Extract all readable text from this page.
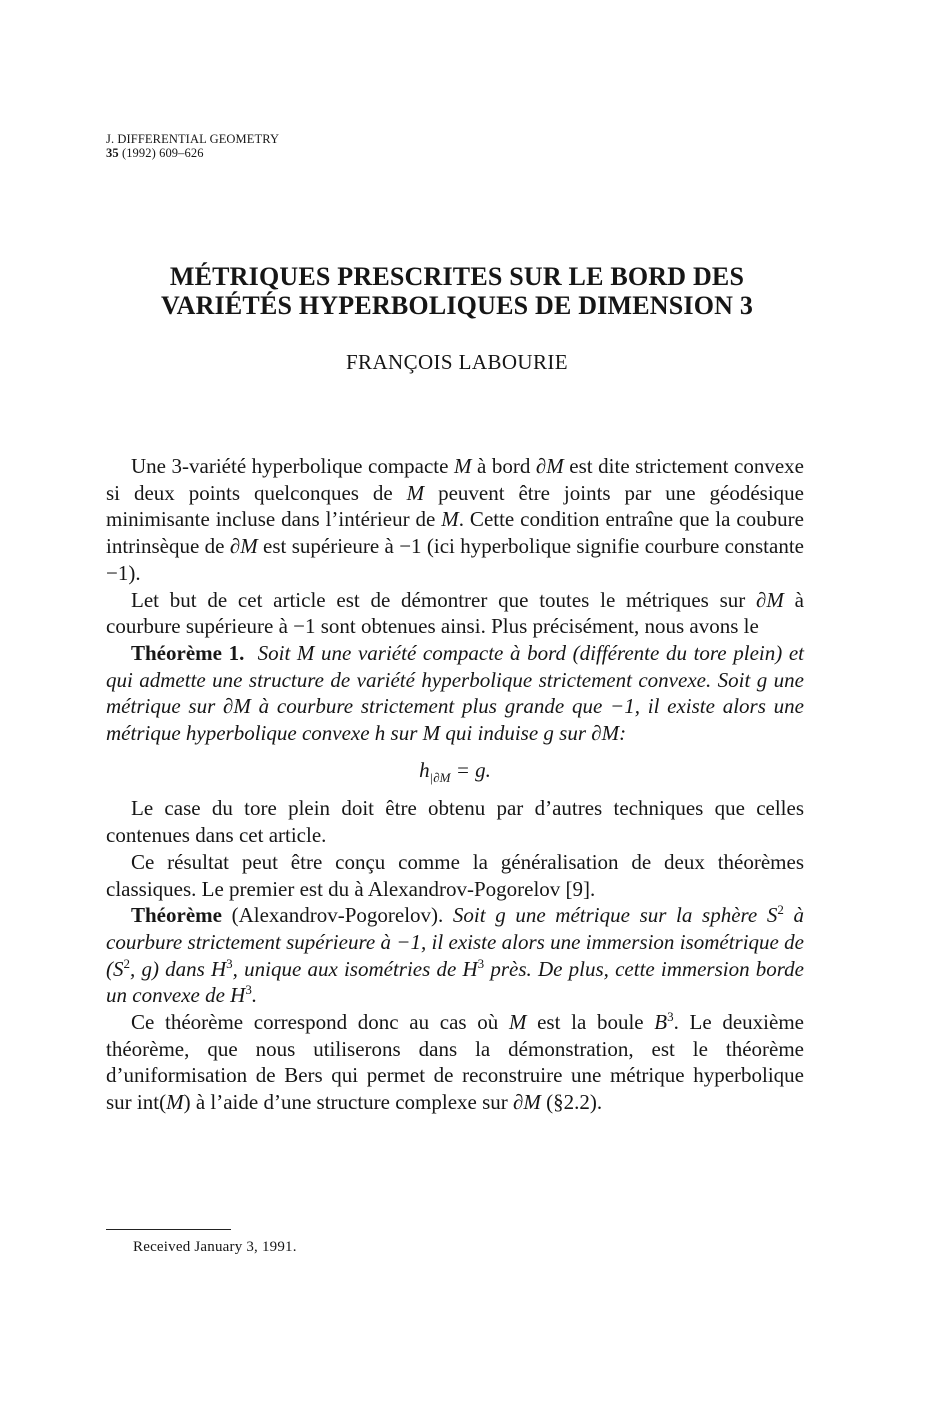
J. DIFFERENTIAL GEOMETRY
35 (1992) 609–626
MÉTRIQUES PRESCRITES SUR LE BORD DES
VARIÉTÉS HYPERBOLIQUES DE DIMENSION 3
FRANÇOIS LABOURIE

Une 3-variété hyperbolique compacte M à bord ∂M est dite strictement convexe si deux points quelconques de M peuvent être joints par une géodésique minimisante incluse dans l’intérieur de M. Cette condition entraîne que la coubure intrinsèque de ∂M est supérieure à −1 (ici hyperbolique signifie courbure constante −1).

Let but de cet article est de démontrer que toutes le métriques sur ∂M à courbure supérieure à −1 sont obtenues ainsi. Plus précisément, nous avons le

Théorème 1. Soit M une variété compacte à bord (différente du tore plein) et qui admette une structure de variété hyperbolique strictement convexe. Soit g une métrique sur ∂M à courbure strictement plus grande que −1, il existe alors une métrique hyperbolique convexe h sur M qui induise g sur ∂M:

$h_{|\partial M} = g$.

Le case du tore plein doit être obtenu par d’autres techniques que celles contenues dans cet article.

Ce résultat peut être conçu comme la généralisation de deux théorèmes classiques. Le premier est du à Alexandrov-Pogorelov [9].

Théorème (Alexandrov-Pogorelov). Soit g une métrique sur la sphère $S^2$ à courbure strictement supérieure à −1, il existe alors une immersion isométrique de ($S^2$, g) dans $H^3$, unique aux isométries de $H^3$ près. De plus, cette immersion borde un convexe de $H^3$.

Ce théorème correspond donc au cas où M est la boule $B^3$. Le deuxième théorème, que nous utiliserons dans la démonstration, est le théorème d’uniformisation de Bers qui permet de reconstruire une métrique hyperbolique sur int(M) à l’aide d’une structure complexe sur ∂M (§2.2).

Received January 3, 1991.
